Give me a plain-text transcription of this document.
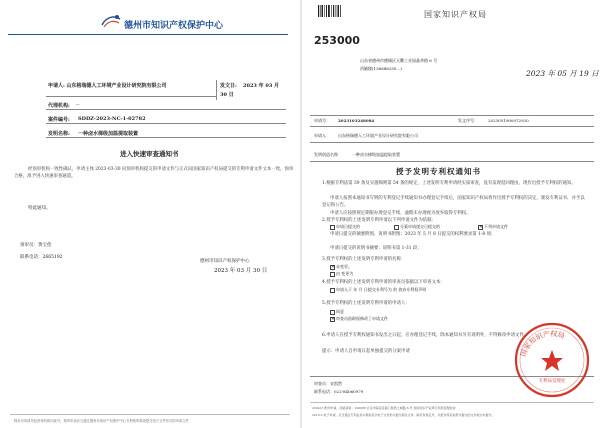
德州市知识产权保护中心
申请人: 山东格瑞德人工环境产业设计研究院有限公司	发文日: 2023 年 03 月
30 日
代理机构: --
案件编号: SDDZ-2023-NC-1-02782
发明名称: 一种卤水梯级加温提取装置
进入快速审查通知书
经预审机构一致性确认，申请主体 2023-03-30 向预审机构提交的申请文件与正式向国家知识产权局提交的专利申请文件文本一致，预审合格，准予进入快速审查通道。
特此通知。
预审员：黄宝伦
联系电话：2665192
德州市知识产权保护中心
2023 年 03 月 30 日
除另有申请并经预审机构同意外，预审申请应当通过德州市知识产权保护中心专利预审系统提交电子文件形式的申请文件
国家知识产权局
253000
山东省德州市德城区天衢工业园晶华路 6 号
西辅楼(136686250...)
2023 年 05 月 19 日
申请号： 2023103248084	发文序号：	2023051900072920
申请人： 山东格瑞德人工环境产业设计研究院有限公司
发明创造名称：	一种卤水梯级加温提取装置
授予发明专利权通知书
1.根据专利法第 39 条及实施细则第 54 条的规定，上述发明专利申请经实质审查，没有发现驳回理由，现作出授予专利权的通知。
申请人按照本通知书写明的专利登记手续通知书办理登记手续后，国家知识产权局将作出授予专利权的决定，颁发专利证书，并予以登记和公告。
申请人应按照规定期限办理登记手续，逾期未办理视为放弃取得专利权。
2.授予专利权的上述发明专利申请以下列申请文件为依据：
申请日提交的	分案申请递交日提交的	✕下列申请文件
申请日提交的摘要附图、说明书附图；2023 年 5 月 8 日提交的权利要求第 1-8 项；
申请日提交的说明书摘要；说明书第 1-31 段；
3.授予专利权的上述发明专利申请的名称：
✕未变更。
由 变更为
4.授予专利权的上述发明专利申请的审查员依据以下审查文本：
申请人于 年 月 日提交专利号为 的 放弃专利权声明
5.授予专利权的上述发明专利申请的申请人：
同意
✕审查员依职权修改了申请文件
6.申请人在授予专利权通知书发出之日起，应办理登记手续，除本通知书另有说明外，不得修改申请文件。
提示：申请人自申请日起单独提交的分案申请
审查员：宋凯然
联系电话：022-84060979
国家知识产权局
专利局受理处
200413 纸件申请，回函请寄：100088 北京市海淀区蓟门桥西土城路 6 号 国家知识产权局专利局受理处收
2010.2 电子申请，应当通过专利业务办理系统以电子文件形式提交相关文件。除另有规定外，以纸件等其他形式提交的文件视为未提交。
